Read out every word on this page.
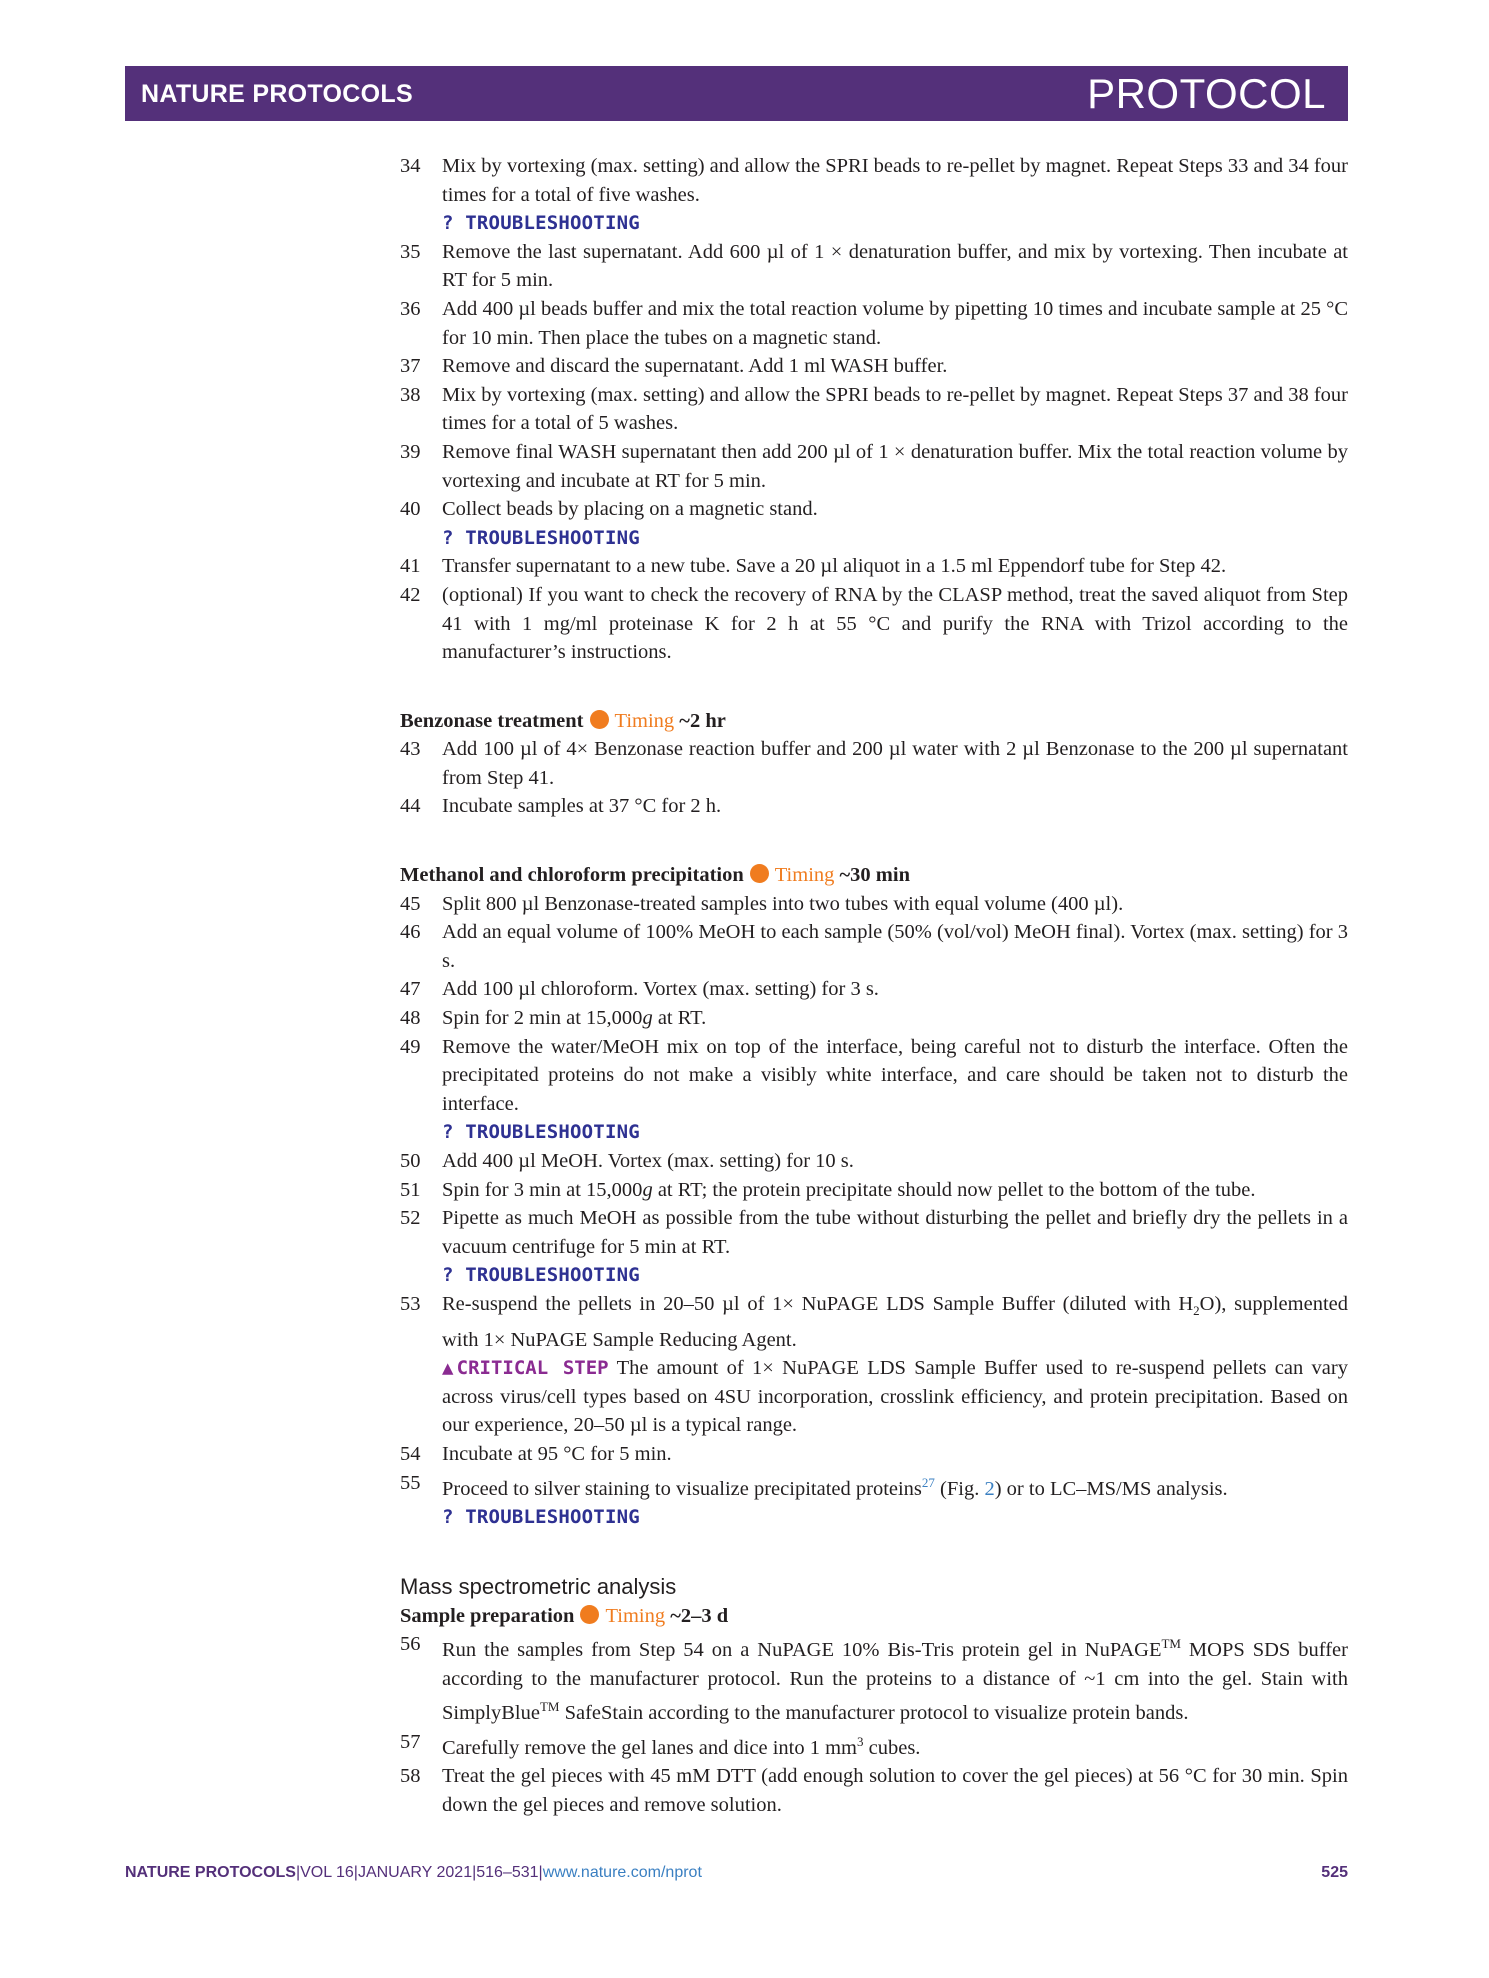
NATURE PROTOCOLS	PROTOCOL
34 Mix by vortexing (max. setting) and allow the SPRI beads to re-pellet by magnet. Repeat Steps 33 and 34 four times for a total of five washes.
? TROUBLESHOOTING
35 Remove the last supernatant. Add 600 µl of 1 × denaturation buffer, and mix by vortexing. Then incubate at RT for 5 min.
36 Add 400 µl beads buffer and mix the total reaction volume by pipetting 10 times and incubate sample at 25 °C for 10 min. Then place the tubes on a magnetic stand.
37 Remove and discard the supernatant. Add 1 ml WASH buffer.
38 Mix by vortexing (max. setting) and allow the SPRI beads to re-pellet by magnet. Repeat Steps 37 and 38 four times for a total of 5 washes.
39 Remove final WASH supernatant then add 200 µl of 1 × denaturation buffer. Mix the total reaction volume by vortexing and incubate at RT for 5 min.
40 Collect beads by placing on a magnetic stand.
? TROUBLESHOOTING
41 Transfer supernatant to a new tube. Save a 20 µl aliquot in a 1.5 ml Eppendorf tube for Step 42.
42 (optional) If you want to check the recovery of RNA by the CLASP method, treat the saved aliquot from Step 41 with 1 mg/ml proteinase K for 2 h at 55 °C and purify the RNA with Trizol according to the manufacturer’s instructions.
Benzonase treatment Timing ~2 hr
43 Add 100 µl of 4× Benzonase reaction buffer and 200 µl water with 2 µl Benzonase to the 200 µl supernatant from Step 41.
44 Incubate samples at 37 °C for 2 h.
Methanol and chloroform precipitation Timing ~30 min
45 Split 800 µl Benzonase-treated samples into two tubes with equal volume (400 µl).
46 Add an equal volume of 100% MeOH to each sample (50% (vol/vol) MeOH final). Vortex (max. setting) for 3 s.
47 Add 100 µl chloroform. Vortex (max. setting) for 3 s.
48 Spin for 2 min at 15,000g at RT.
49 Remove the water/MeOH mix on top of the interface, being careful not to disturb the interface. Often the precipitated proteins do not make a visibly white interface, and care should be taken not to disturb the interface.
? TROUBLESHOOTING
50 Add 400 µl MeOH. Vortex (max. setting) for 10 s.
51 Spin for 3 min at 15,000g at RT; the protein precipitate should now pellet to the bottom of the tube.
52 Pipette as much MeOH as possible from the tube without disturbing the pellet and briefly dry the pellets in a vacuum centrifuge for 5 min at RT.
? TROUBLESHOOTING
53 Re-suspend the pellets in 20–50 µl of 1× NuPAGE LDS Sample Buffer (diluted with $H_2O$), supplemented with 1× NuPAGE Sample Reducing Agent.
▲CRITICAL STEP The amount of 1× NuPAGE LDS Sample Buffer used to re-suspend pellets can vary across virus/cell types based on 4SU incorporation, crosslink efficiency, and protein precipitation. Based on our experience, 20–50 µl is a typical range.
54 Incubate at 95 °C for 5 min.
55 Proceed to silver staining to visualize precipitated proteins$^{27}$ (Fig. 2) or to LC–MS/MS analysis.
? TROUBLESHOOTING
Mass spectrometric analysis
Sample preparation Timing ~2–3 d
56 Run the samples from Step 54 on a NuPAGE 10% Bis-Tris protein gel in NuPAGE™ MOPS SDS buffer according to the manufacturer protocol. Run the proteins to a distance of ~1 cm into the gel. Stain with SimplyBlue™ SafeStain according to the manufacturer protocol to visualize protein bands.
57 Carefully remove the gel lanes and dice into 1 $mm^3$ cubes.
58 Treat the gel pieces with 45 mM DTT (add enough solution to cover the gel pieces) at 56 °C for 30 min. Spin down the gel pieces and remove solution.
NATURE PROTOCOLS|VOL 16|JANUARY 2021|516–531|www.nature.com/nprot	525
